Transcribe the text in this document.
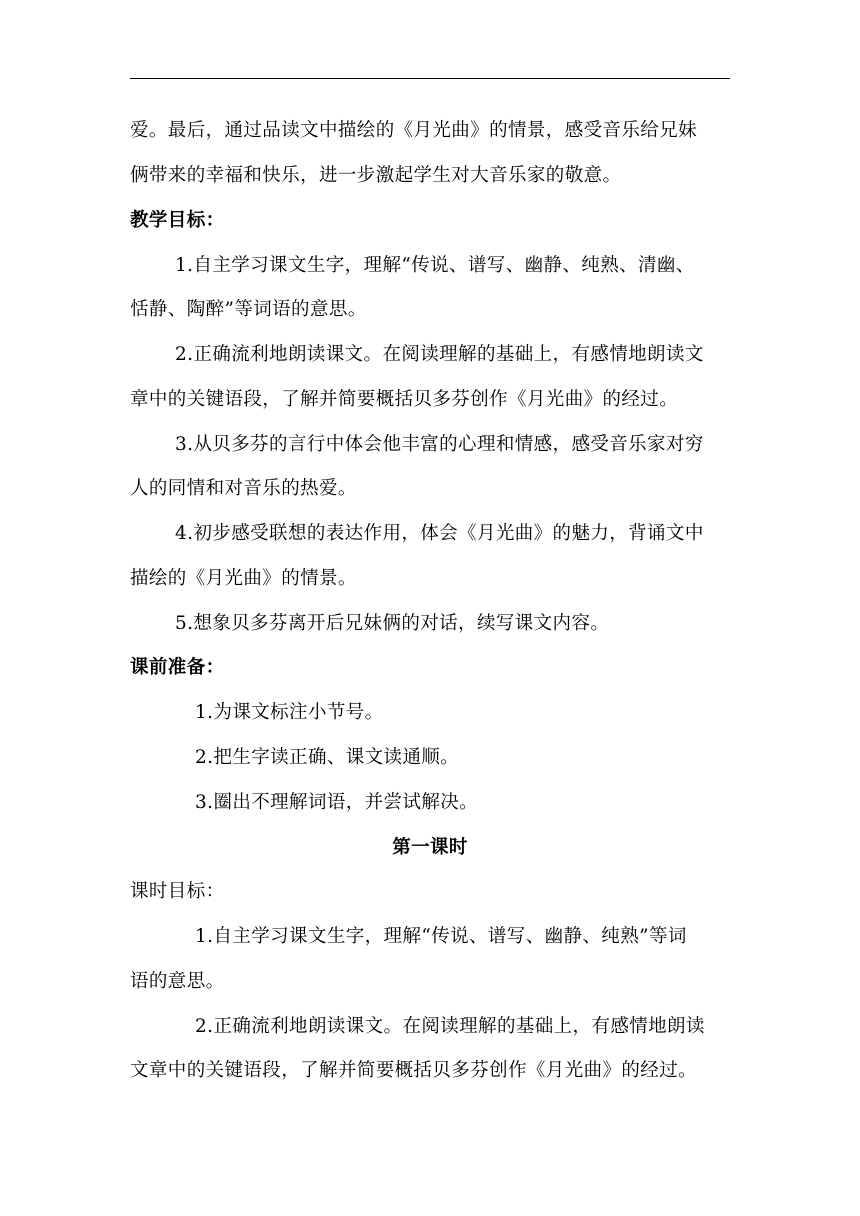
爱。最后，通过品读文中描绘的《月光曲》的情景，感受音乐给兄妹
俩带来的幸福和快乐，进一步激起学生对大音乐家的敬意。
教学目标：
1.自主学习课文生字，理解“传说、谱写、幽静、纯熟、清幽、
恬静、陶醉”等词语的意思。
2.正确流利地朗读课文。在阅读理解的基础上，有感情地朗读文
章中的关键语段，了解并简要概括贝多芬创作《月光曲》的经过。
3.从贝多芬的言行中体会他丰富的心理和情感，感受音乐家对穷
人的同情和对音乐的热爱。
4.初步感受联想的表达作用，体会《月光曲》的魅力，背诵文中
描绘的《月光曲》的情景。
5.想象贝多芬离开后兄妹俩的对话，续写课文内容。
课前准备：
1.为课文标注小节号。
2.把生字读正确、课文读通顺。
3.圈出不理解词语，并尝试解决。
第一课时
课时目标：
1.自主学习课文生字，理解“传说、谱写、幽静、纯熟”等词
语的意思。
2.正确流利地朗读课文。在阅读理解的基础上，有感情地朗读
文章中的关键语段，了解并简要概括贝多芬创作《月光曲》的经过。
